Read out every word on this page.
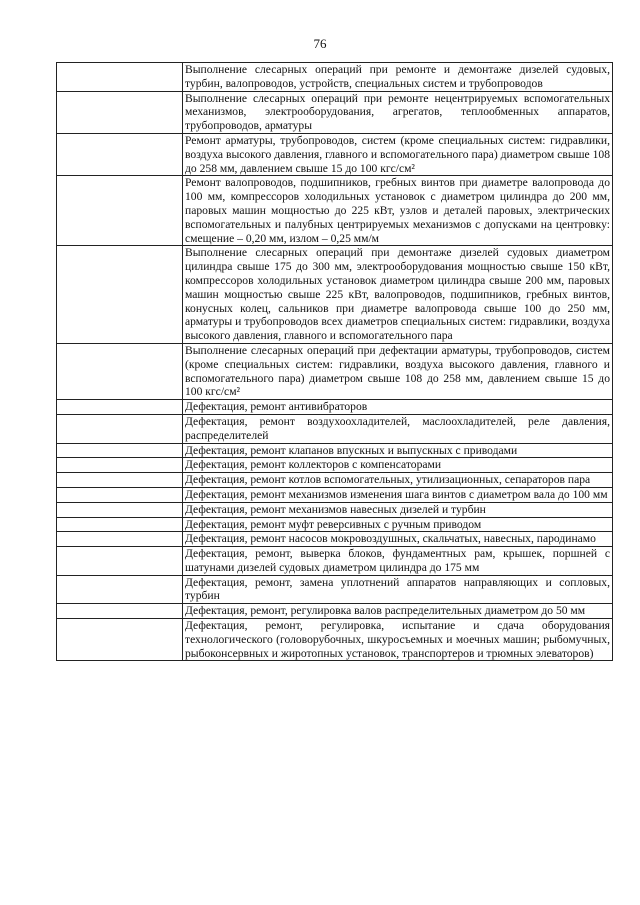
76
	Выполнение слесарных операций при ремонте и демонтаже дизелей судовых, турбин, валопроводов, устройств, специальных систем и трубопроводов
	Выполнение слесарных операций при ремонте нецентрируемых вспомогательных механизмов, электрооборудования, агрегатов, теплообменных аппаратов, трубопроводов, арматуры
	Ремонт арматуры, трубопроводов, систем (кроме специальных систем: гидравлики, воздуха высокого давления, главного и вспомогательного пара) диаметром свыше 108 до 258 мм, давлением свыше 15 до 100 кгс/см²
	Ремонт валопроводов, подшипников, гребных винтов при диаметре валопровода до 100 мм, компрессоров холодильных установок с диаметром цилиндра до 200 мм, паровых машин мощностью до 225 кВт, узлов и деталей паровых, электрических вспомогательных и палубных центрируемых механизмов с допусками на центровку: смещение – 0,20 мм, излом – 0,25 мм/м
	Выполнение слесарных операций при демонтаже дизелей судовых диаметром цилиндра свыше 175 до 300 мм, электрооборудования мощностью свыше 150 кВт, компрессоров холодильных установок диаметром цилиндра свыше 200 мм, паровых машин мощностью свыше 225 кВт, валопроводов, подшипников, гребных винтов, конусных колец, сальников при диаметре валопровода свыше 100 до 250 мм, арматуры и трубопроводов всех диаметров специальных систем: гидравлики, воздуха высокого давления, главного и вспомогательного пара
	Выполнение слесарных операций при дефектации арматуры, трубопроводов, систем (кроме специальных систем: гидравлики, воздуха высокого давления, главного и вспомогательного пара) диаметром свыше 108 до 258 мм, давлением свыше 15 до 100 кгс/см²
	Дефектация, ремонт антивибраторов
	Дефектация, ремонт воздухоохладителей, маслоохладителей, реле давления, распределителей
	Дефектация, ремонт клапанов впускных и выпускных с приводами
	Дефектация, ремонт коллекторов с компенсаторами
	Дефектация, ремонт котлов вспомогательных, утилизационных, сепараторов пара
	Дефектация, ремонт механизмов изменения шага винтов с диаметром вала до 100 мм
	Дефектация, ремонт механизмов навесных дизелей и турбин
	Дефектация, ремонт муфт реверсивных с ручным приводом
	Дефектация, ремонт насосов мокровоздушных, скальчатых, навесных, пародинамо
	Дефектация, ремонт, выверка блоков, фундаментных рам, крышек, поршней с шатунами дизелей судовых диаметром цилиндра до 175 мм
	Дефектация, ремонт, замена уплотнений аппаратов направляющих и сопловых, турбин
	Дефектация, ремонт, регулировка валов распределительных диаметром до 50 мм
	Дефектация, ремонт, регулировка, испытание и сдача оборудования технологического (головорубочных, шкуросъемных и моечных машин; рыбомучных, рыбоконсервных и жиротопных установок, транспортеров и трюмных элеваторов)
